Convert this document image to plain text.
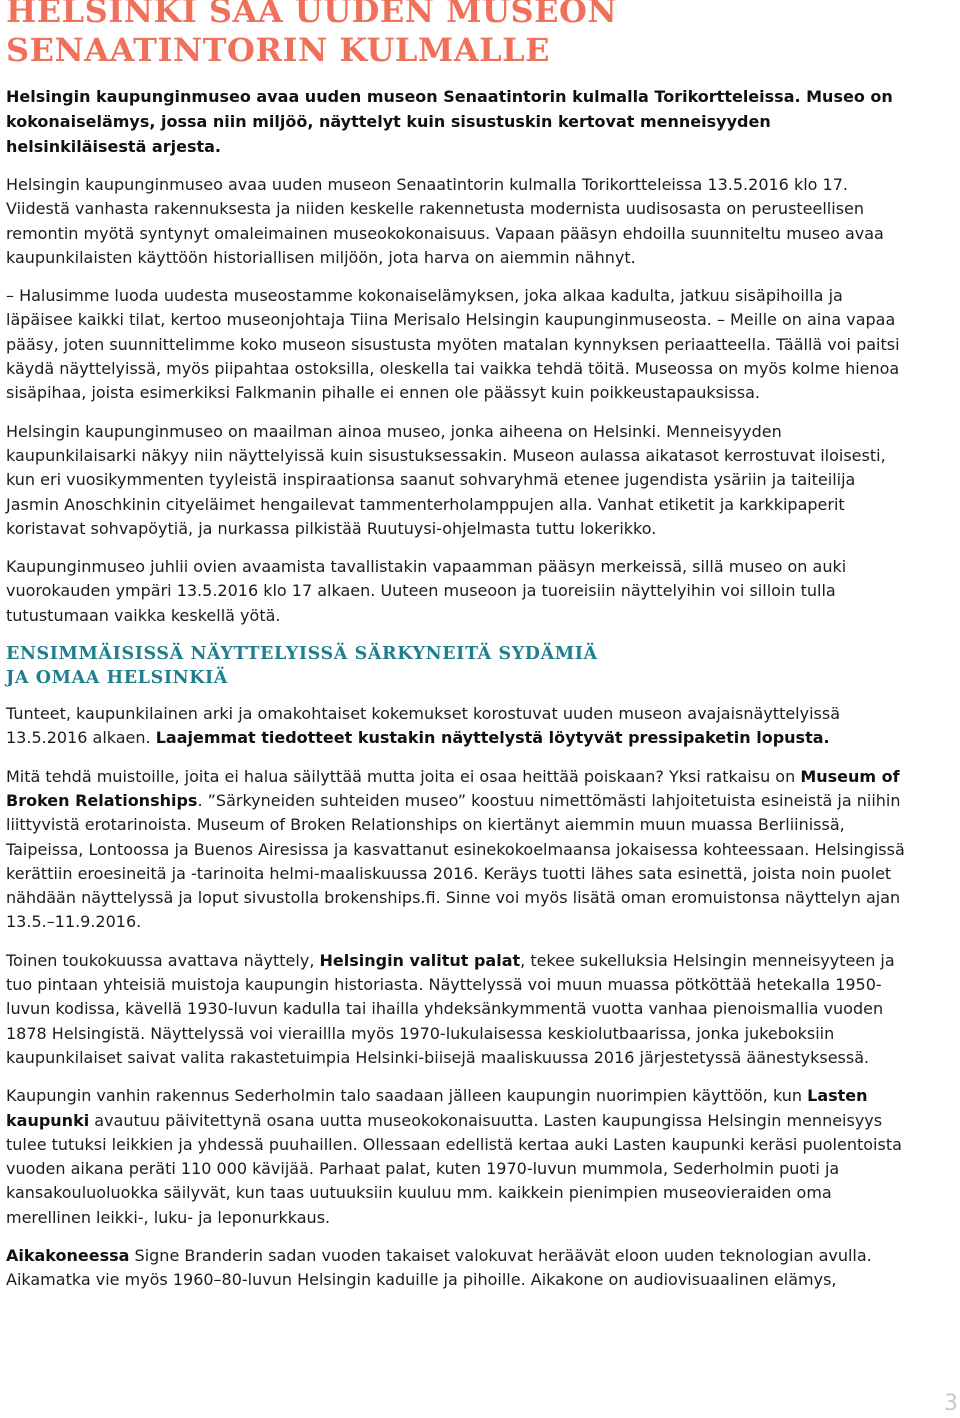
HELSINKI SAA UUDEN MUSEON
SENAATINTORIN KULMALLE

Helsingin kaupunginmuseo avaa uuden museon Senaatintorin kulmalla Torikortteleissa. Museo on kokonaiselämys, jossa niin miljöö, näyttelyt kuin sisustuskin kertovat menneisyyden helsinkiläisestä arjesta.

Helsingin kaupunginmuseo avaa uuden museon Senaatintorin kulmalla Torikortteleissa 13.5.2016 klo 17. Viidestä vanhasta rakennuksesta ja niiden keskelle rakennetusta modernista uudisosasta on perusteellisen remontin myötä syntynyt omaleimainen museokokonaisuus. Vapaan pääsyn ehdoilla suunniteltu museo avaa kaupunkilaisten käyttöön historiallisen miljöön, jota harva on aiemmin nähnyt.

– Halusimme luoda uudesta museostamme kokonaiselämyksen, joka alkaa kadulta, jatkuu sisäpihoilla ja läpäisee kaikki tilat, kertoo museonjohtaja Tiina Merisalo Helsingin kaupunginmuseosta. – Meille on aina vapaa pääsy, joten suunnittelimme koko museon sisustusta myöten matalan kynnyksen periaatteella. Täällä voi paitsi käydä näyttelyissä, myös piipahtaa ostoksilla, oleskella tai vaikka tehdä töitä. Museossa on myös kolme hienoa sisäpihaa, joista esimerkiksi Falkmanin pihalle ei ennen ole päässyt kuin poikkeustapauksissa.

Helsingin kaupunginmuseo on maailman ainoa museo, jonka aiheena on Helsinki. Menneisyyden kaupunkilaisarki näkyy niin näyttelyissä kuin sisustuksessakin. Museon aulassa aikatasot kerrostuvat iloisesti, kun eri vuosikymmenten tyyleistä inspiraationsa saanut sohvaryhmä etenee jugendista ysäriin ja taiteilija Jasmin Anoschkinin cityeläimet hengailevat tammenterholamppujen alla. Vanhat etiketit ja karkkipaperit koristavat sohvapöytiä, ja nurkassa pilkistää Ruutuysi-ohjelmasta tuttu lokerikko.

Kaupunginmuseo juhlii ovien avaamista tavallistakin vapaamman pääsyn merkeissä, sillä museo on auki vuorokauden ympäri 13.5.2016 klo 17 alkaen. Uuteen museoon ja tuoreisiin näyttelyihin voi silloin tulla tutustumaan vaikka keskellä yötä.

ENSIMMÄISISSÄ NÄYTTELYISSÄ SÄRKYNEITÄ SYDÄMIÄ
JA OMAA HELSINKIÄ

Tunteet, kaupunkilainen arki ja omakohtaiset kokemukset korostuvat uuden museon avajaisnäyttelyissä 13.5.2016 alkaen. Laajemmat tiedotteet kustakin näyttelystä löytyvät pressipaketin lopusta.

Mitä tehdä muistoille, joita ei halua säilyttää mutta joita ei osaa heittää poiskaan? Yksi ratkaisu on Museum of Broken Relationships. ”Särkyneiden suhteiden museo” koostuu nimettömästi lahjoitetuista esineistä ja niihin liittyvistä erotarinoista. Museum of Broken Relationships on kiertänyt aiemmin muun muassa Berliinissä, Taipeissa, Lontoossa ja Buenos Airesissa ja kasvattanut esinekokoelmaansa jokaisessa kohteessaan. Helsingissä kerättiin eroesineitä ja -tarinoita helmi-maaliskuussa 2016. Keräys tuotti lähes sata esinettä, joista noin puolet nähdään näyttelyssä ja loput sivustolla brokenships.fi. Sinne voi myös lisätä oman eromuistonsa näyttelyn ajan 13.5.–11.9.2016.

Toinen toukokuussa avattava näyttely, Helsingin valitut palat, tekee sukelluksia Helsingin menneisyyteen ja tuo pintaan yhteisiä muistoja kaupungin historiasta. Näyttelyssä voi muun muassa pötköttää hetekalla 1950-luvun kodissa, kävellä 1930-luvun kadulla tai ihailla yhdeksänkymmentä vuotta vanhaa pienoismallia vuoden 1878 Helsingistä. Näyttelyssä voi vieraillla myös 1970-lukulaisessa keskiolutbaarissa, jonka jukeboksiin kaupunkilaiset saivat valita rakastetuimpia Helsinki-biisejä maaliskuussa 2016 järjestetyssä äänestyksessä.

Kaupungin vanhin rakennus Sederholmin talo saadaan jälleen kaupungin nuorimpien käyttöön, kun Lasten kaupunki avautuu päivitettynä osana uutta museokokonaisuutta. Lasten kaupungissa Helsingin menneisyys tulee tutuksi leikkien ja yhdessä puuhaillen. Ollessaan edellistä kertaa auki Lasten kaupunki keräsi puolentoista vuoden aikana peräti 110 000 kävijää. Parhaat palat, kuten 1970-luvun mummola, Sederholmin puoti ja kansakouluoluokka säilyvät, kun taas uutuuksiin kuuluu mm. kaikkein pienimpien museovieraiden oma merellinen leikki-, luku- ja leponurkkaus.

Aikakoneessa Signe Branderin sadan vuoden takaiset valokuvat heräävät eloon uuden teknologian avulla. Aikamatka vie myös 1960–80-luvun Helsingin kaduille ja pihoille. Aikakone on audiovisuaalinen elämys,

3
